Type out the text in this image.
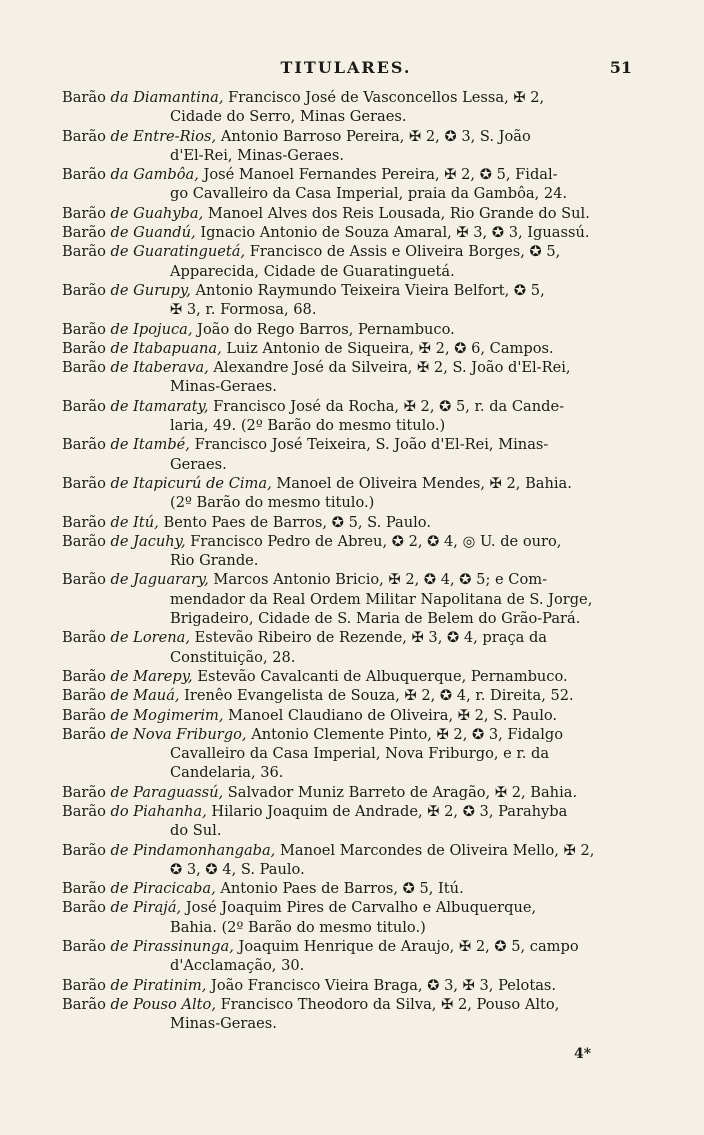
TITULARES.	51
Barão da Diamantina, Francisco José de Vasconcellos Lessa, ✠ 2,
Cidade do Serro, Minas Geraes.
Barão de Entre-Rios, Antonio Barroso Pereira, ✠ 2, ✪ 3, S. João
d'El-Rei, Minas-Geraes.
Barão da Gambôa, José Manoel Fernandes Pereira, ✠ 2, ✪ 5, Fidal-
go Cavalleiro da Casa Imperial, praia da Gambôa, 24.
Barão de Guahyba, Manoel Alves dos Reis Lousada, Rio Grande do Sul.
Barão de Guandú, Ignacio Antonio de Souza Amaral, ✠ 3, ✪ 3, Iguassú.
Barão de Guaratinguetá, Francisco de Assis e Oliveira Borges, ✪ 5,
Apparecida, Cidade de Guaratinguetá.
Barão de Gurupy, Antonio Raymundo Teixeira Vieira Belfort, ✪ 5,
✠ 3, r. Formosa, 68.
Barão de Ipojuca, João do Rego Barros, Pernambuco.
Barão de Itabapuana, Luiz Antonio de Siqueira, ✠ 2, ✪ 6, Campos.
Barão de Itaberava, Alexandre José da Silveira, ✠ 2, S. João d'El-Rei,
Minas-Geraes.
Barão de Itamaraty, Francisco José da Rocha, ✠ 2, ✪ 5, r. da Cande-
laria, 49. (2º Barão do mesmo titulo.)
Barão de Itambé, Francisco José Teixeira, S. João d'El-Rei, Minas-
Geraes.
Barão de Itapicurú de Cima, Manoel de Oliveira Mendes, ✠ 2, Bahia.
(2º Barão do mesmo titulo.)
Barão de Itú, Bento Paes de Barros, ✪ 5, S. Paulo.
Barão de Jacuhy, Francisco Pedro de Abreu, ✪ 2, ✪ 4, ◎ U. de ouro,
Rio Grande.
Barão de Jaguarary, Marcos Antonio Bricio, ✠ 2, ✪ 4, ✪ 5; e Com-
mendador da Real Ordem Militar Napolitana de S. Jorge,
Brigadeiro, Cidade de S. Maria de Belem do Grão-Pará.
Barão de Lorena, Estevão Ribeiro de Rezende, ✠ 3, ✪ 4, praça da
Constituição, 28.
Barão de Marepy, Estevão Cavalcanti de Albuquerque, Pernambuco.
Barão de Mauá, Irenêo Evangelista de Souza, ✠ 2, ✪ 4, r. Direita, 52.
Barão de Mogimerim, Manoel Claudiano de Oliveira, ✠ 2, S. Paulo.
Barão de Nova Friburgo, Antonio Clemente Pinto, ✠ 2, ✪ 3, Fidalgo
Cavalleiro da Casa Imperial, Nova Friburgo, e r. da
Candelaria, 36.
Barão de Paraguassú, Salvador Muniz Barreto de Aragão, ✠ 2, Bahia.
Barão do Piahanha, Hilario Joaquim de Andrade, ✠ 2, ✪ 3, Parahyba
do Sul.
Barão de Pindamonhangaba, Manoel Marcondes de Oliveira Mello, ✠ 2,
✪ 3, ✪ 4, S. Paulo.
Barão de Piracicaba, Antonio Paes de Barros, ✪ 5, Itú.
Barão de Pirajá, José Joaquim Pires de Carvalho e Albuquerque,
Bahia. (2º Barão do mesmo titulo.)
Barão de Pirassinunga, Joaquim Henrique de Araujo, ✠ 2, ✪ 5, campo
d'Acclamação, 30.
Barão de Piratinim, João Francisco Vieira Braga, ✪ 3, ✠ 3, Pelotas.
Barão de Pouso Alto, Francisco Theodoro da Silva, ✠ 2, Pouso Alto,
Minas-Geraes.
4*
